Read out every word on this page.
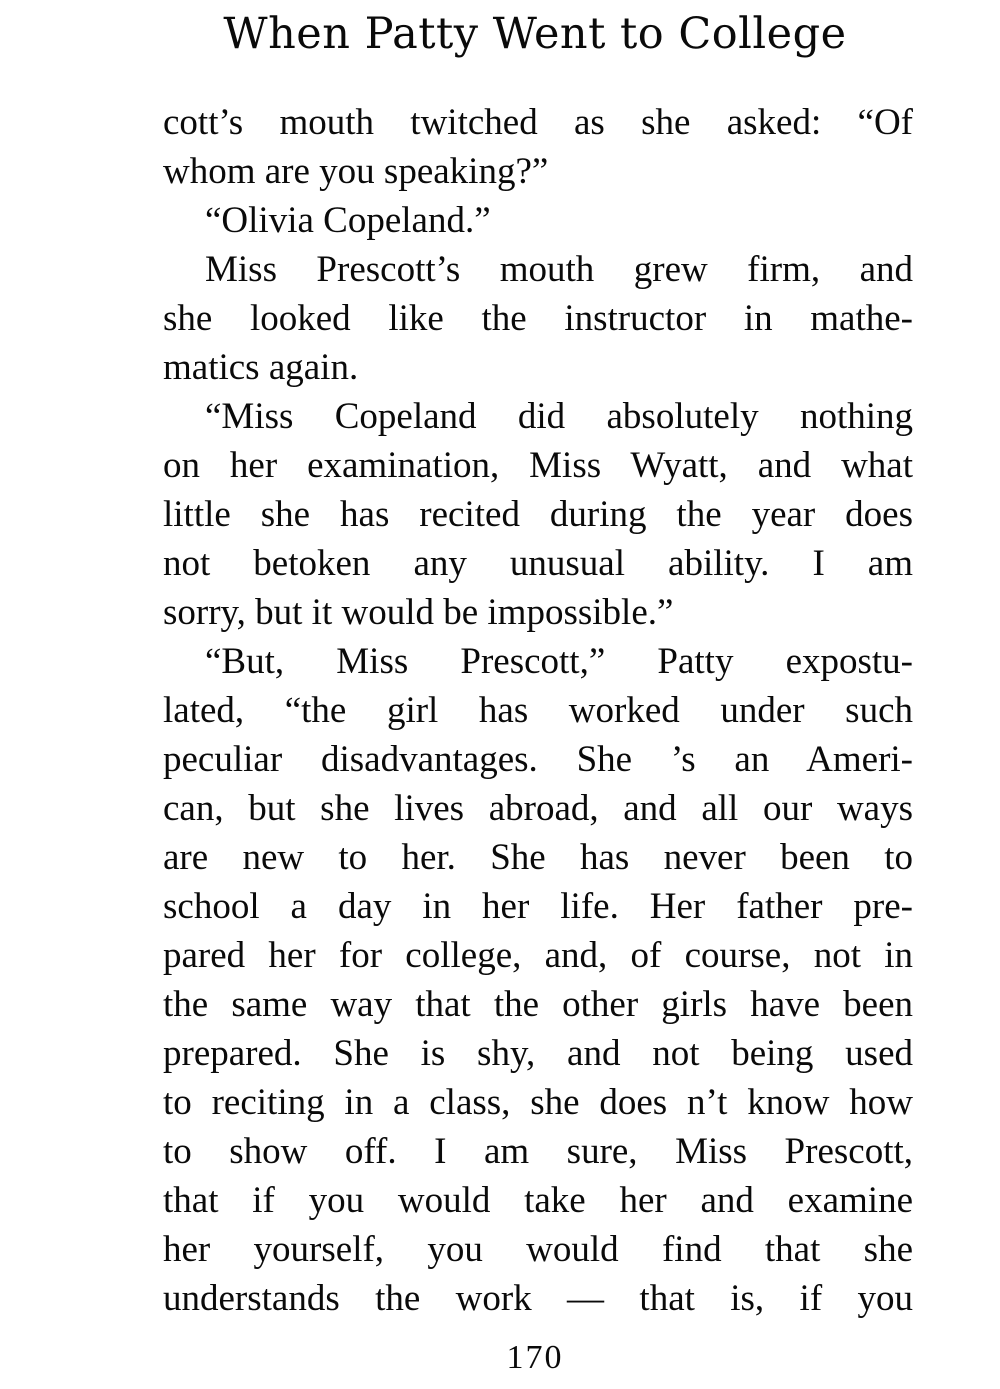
When Patty Went to College
cott’s mouth twitched as she asked: “Of
whom are you speaking?”
“Olivia Copeland.”
Miss Prescott’s mouth grew firm, and
she looked like the instructor in mathe-
matics again.
“Miss Copeland did absolutely nothing
on her examination, Miss Wyatt, and what
little she has recited during the year does
not betoken any unusual ability. I am
sorry, but it would be impossible.”
“But, Miss Prescott,” Patty expostu-
lated, “the girl has worked under such
peculiar disadvantages. She ’s an Ameri-
can, but she lives abroad, and all our ways
are new to her. She has never been to
school a day in her life. Her father pre-
pared her for college, and, of course, not in
the same way that the other girls have been
prepared. She is shy, and not being used
to reciting in a class, she does n’t know how
to show off. I am sure, Miss Prescott,
that if you would take her and examine
her yourself, you would find that she
understands the work — that is, if you
170
